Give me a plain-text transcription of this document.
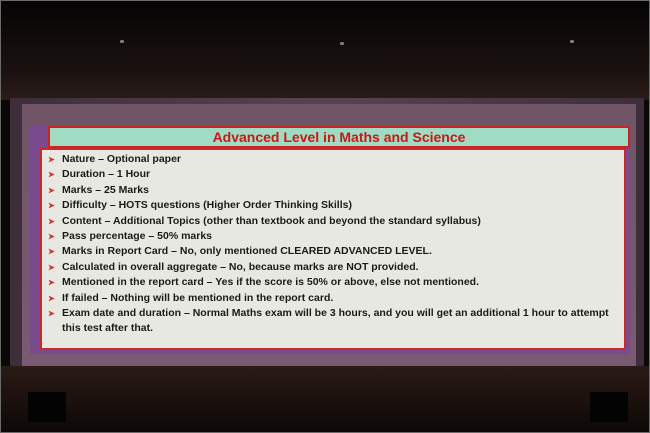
Advanced Level in Maths and Science
➤ Nature – Optional paper
➤ Duration – 1 Hour
➤ Marks – 25 Marks
➤ Difficulty – HOTS questions (Higher Order Thinking Skills)
➤ Content – Additional Topics (other than textbook and beyond the standard syllabus)
➤ Pass percentage – 50% marks
➤ Marks in Report Card – No, only mentioned CLEARED ADVANCED LEVEL.
➤ Calculated in overall aggregate – No, because marks are NOT provided.
➤ Mentioned in the report card – Yes if the score is 50% or above, else not mentioned.
➤ If failed – Nothing will be mentioned in the report card.
➤ Exam date and duration – Normal Maths exam will be 3 hours, and you will get an additional 1 hour to attempt this test after that.
